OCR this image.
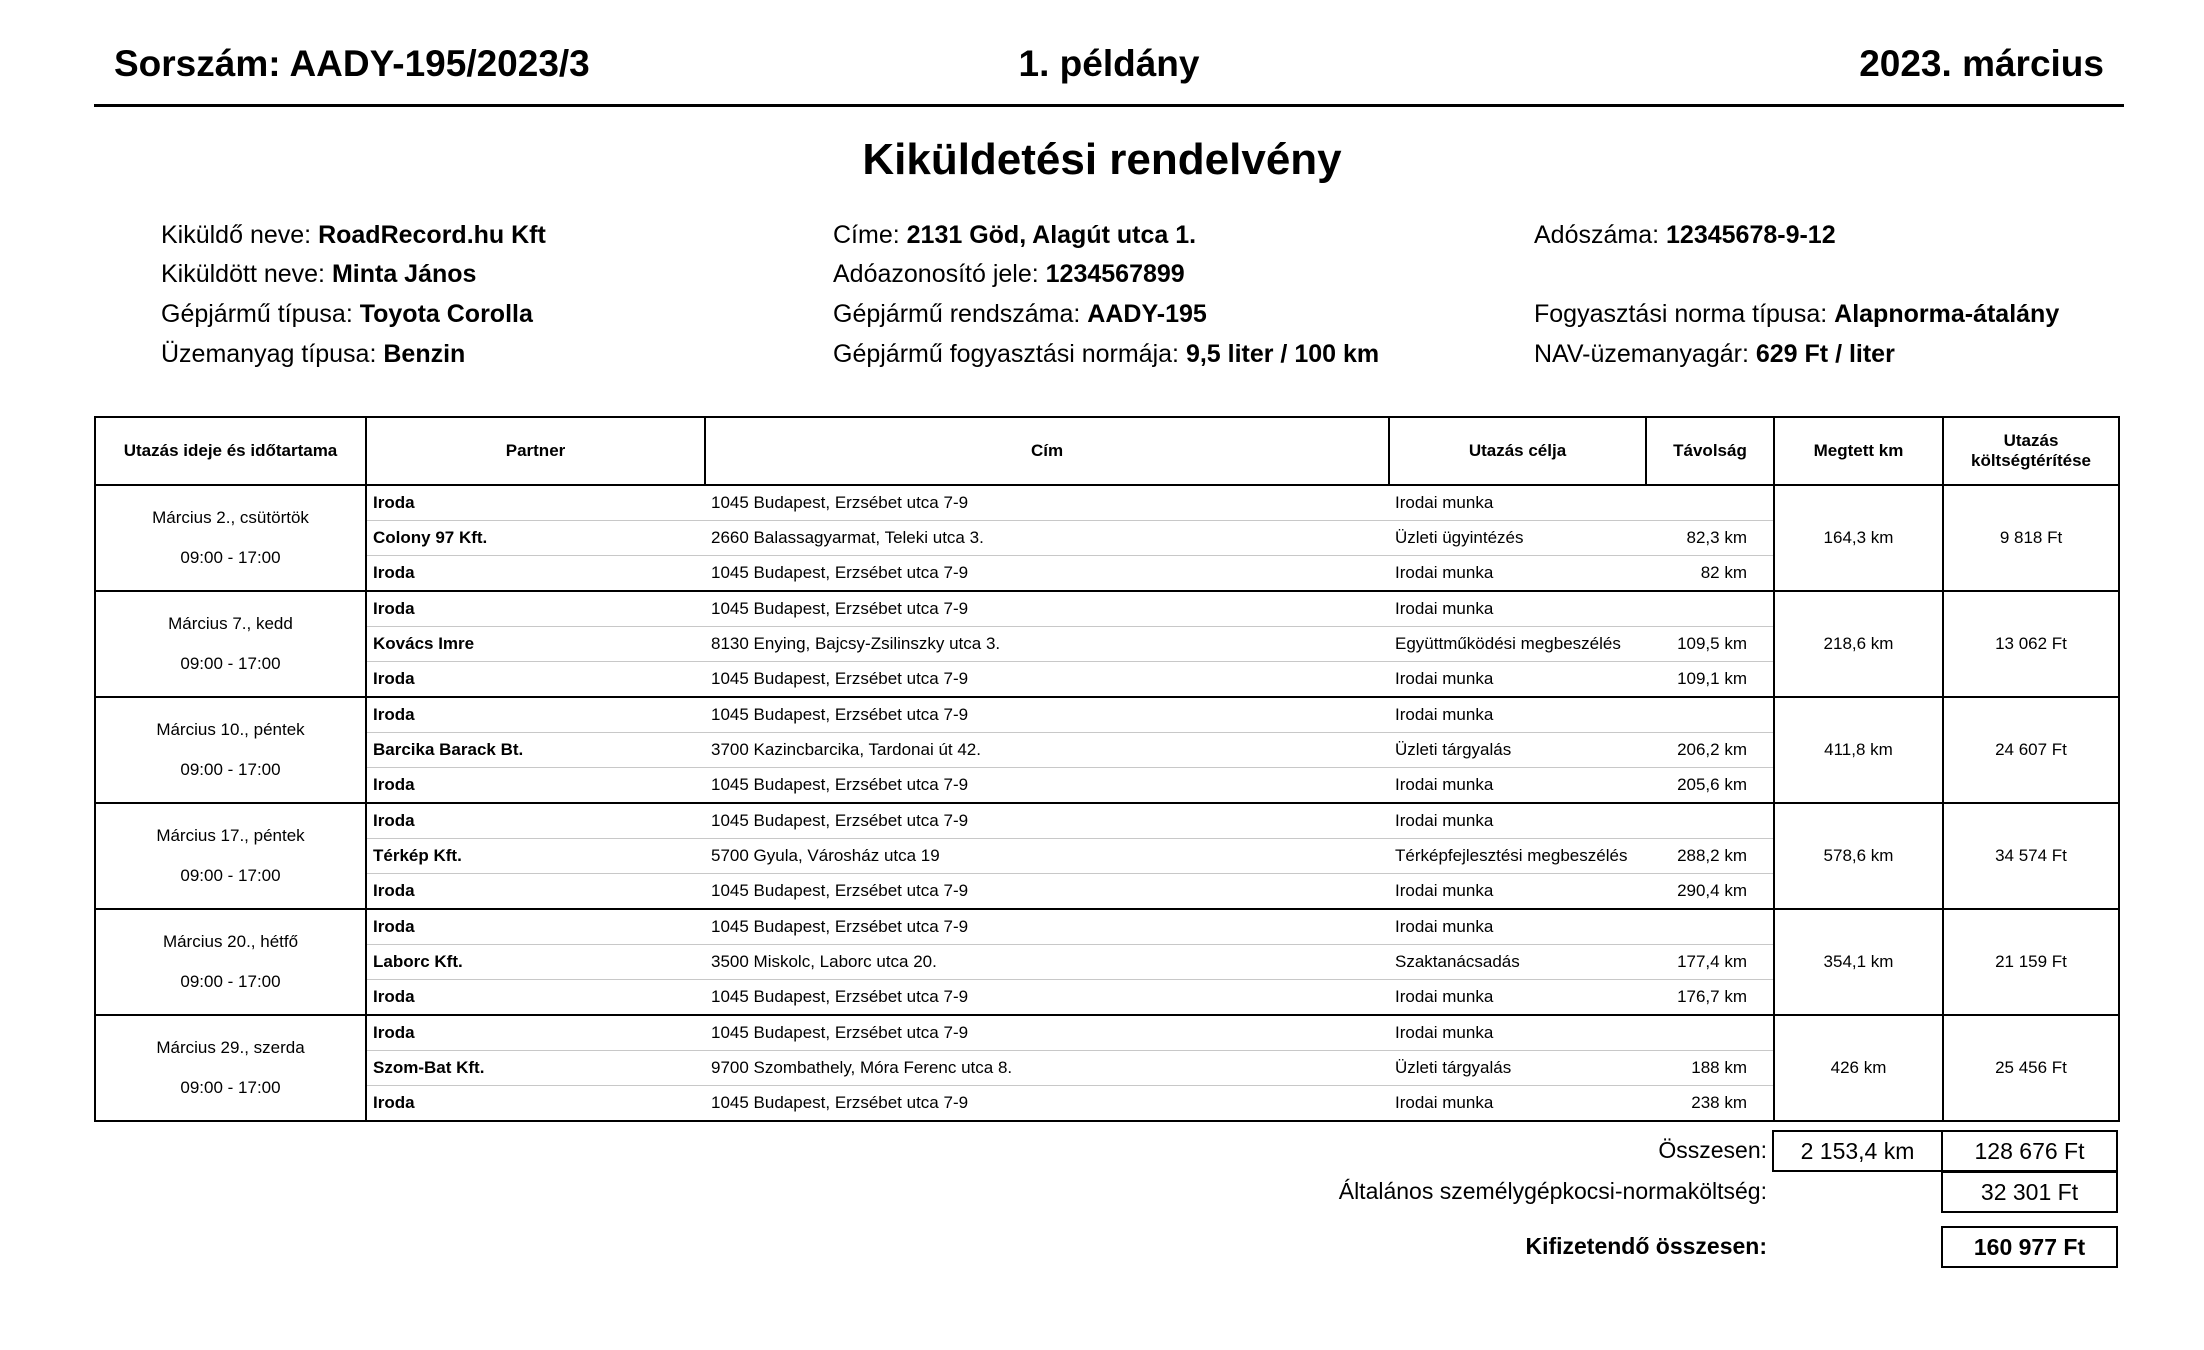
1. példány
Sorszám: AADY-195/2023/3	2023. március
Kiküldetési rendelvény
Kiküldő neve: RoadRecord.hu Kft
Kiküldött neve: Minta János
Gépjármű típusa: Toyota Corolla
Üzemanyag típusa: Benzin
Címe: 2131 Göd, Alagút utca 1.
Adóazonosító jele: 1234567899
Gépjármű rendszáma: AADY-195
Gépjármű fogyasztási normája: 9,5 liter / 100 km
Adószáma: 12345678-9-12
Fogyasztási norma típusa: Alapnorma-átalány
NAV-üzemanyagár: 629 Ft / liter
Utazás ideje és időtartama	Partner	Cím	Utazás célja	Távolság	Megtett km	Utazás költségtérítése

Március 2., csütörtök
09:00 - 17:00	Iroda	1045 Budapest, Erzsébet utca 7-9	Irodai munka		164,3 km	9 818 Ft
	Colony 97 Kft.	2660 Balassagyarmat, Teleki utca 3.	Üzleti ügyintézés	82,3 km		
	Iroda	1045 Budapest, Erzsébet utca 7-9	Irodai munka	82 km		

Március 7., kedd
09:00 - 17:00	Iroda	1045 Budapest, Erzsébet utca 7-9	Irodai munka		218,6 km	13 062 Ft
	Kovács Imre	8130 Enying, Bajcsy-Zsilinszky utca 3.	Együttműködési megbeszélés	109,5 km		
	Iroda	1045 Budapest, Erzsébet utca 7-9	Irodai munka	109,1 km		

Március 10., péntek
09:00 - 17:00	Iroda	1045 Budapest, Erzsébet utca 7-9	Irodai munka		411,8 km	24 607 Ft
	Barcika Barack Bt.	3700 Kazincbarcika, Tardonai út 42.	Üzleti tárgyalás	206,2 km		
	Iroda	1045 Budapest, Erzsébet utca 7-9	Irodai munka	205,6 km		

Március 17., péntek
09:00 - 17:00	Iroda	1045 Budapest, Erzsébet utca 7-9	Irodai munka		578,6 km	34 574 Ft
	Térkép Kft.	5700 Gyula, Városház utca 19	Térképfejlesztési megbeszélés	288,2 km		
	Iroda	1045 Budapest, Erzsébet utca 7-9	Irodai munka	290,4 km		

Március 20., hétfő
09:00 - 17:00	Iroda	1045 Budapest, Erzsébet utca 7-9	Irodai munka		354,1 km	21 159 Ft
	Laborc Kft.	3500 Miskolc, Laborc utca 20.	Szaktanácsadás	177,4 km		
	Iroda	1045 Budapest, Erzsébet utca 7-9	Irodai munka	176,7 km		

Március 29., szerda
09:00 - 17:00	Iroda	1045 Budapest, Erzsébet utca 7-9	Irodai munka		426 km	25 456 Ft
	Szom-Bat Kft.	9700 Szombathely, Móra Ferenc utca 8.	Üzleti tárgyalás	188 km		
	Iroda	1045 Budapest, Erzsébet utca 7-9	Irodai munka	238 km		
Összesen:	2 153,4 km	128 676 Ft
Általános személygépkocsi-normaköltség:	32 301 Ft
Kifizetendő összesen:	160 977 Ft
